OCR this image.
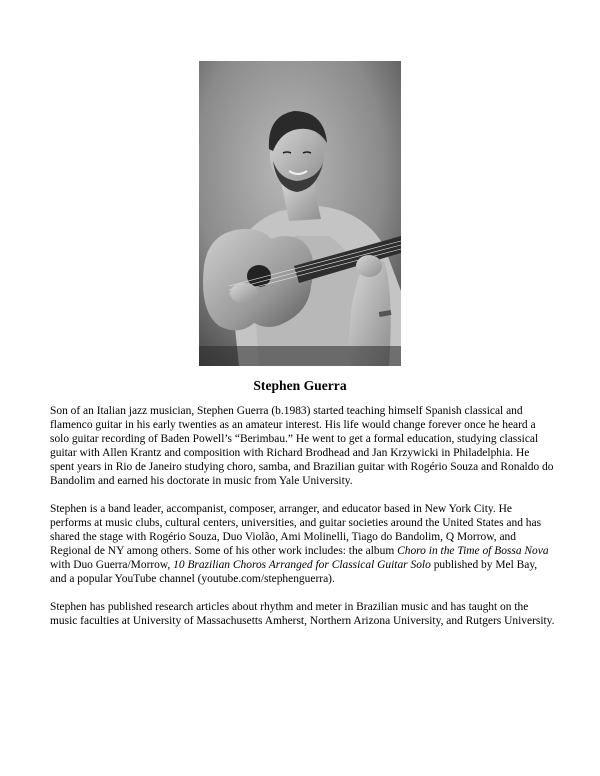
Stephen Guerra

Son of an Italian jazz musician, Stephen Guerra (b.1983) started teaching himself Spanish classical and flamenco guitar in his early twenties as an amateur interest. His life would change forever once he heard a solo guitar recording of Baden Powell’s “Berimbau.” He went to get a formal education, studying classical guitar with Allen Krantz and composition with Richard Brodhead and Jan Krzywicki in Philadelphia. He spent years in Rio de Janeiro studying choro, samba, and Brazilian guitar with Rogério Souza and Ronaldo do Bandolim and earned his doctorate in music from Yale University.

Stephen is a band leader, accompanist, composer, arranger, and educator based in New York City. He performs at music clubs, cultural centers, universities, and guitar societies around the United States and has shared the stage with Rogério Souza, Duo Violão, Ami Molinelli, Tiago do Bandolim, Q Morrow, and Regional de NY among others. Some of his other work includes: the album Choro in the Time of Bossa Nova with Duo Guerra/Morrow, 10 Brazilian Choros Arranged for Classical Guitar Solo published by Mel Bay, and a popular YouTube channel (youtube.com/stephenguerra).

Stephen has published research articles about rhythm and meter in Brazilian music and has taught on the music faculties at University of Massachusetts Amherst, Northern Arizona University, and Rutgers University.
